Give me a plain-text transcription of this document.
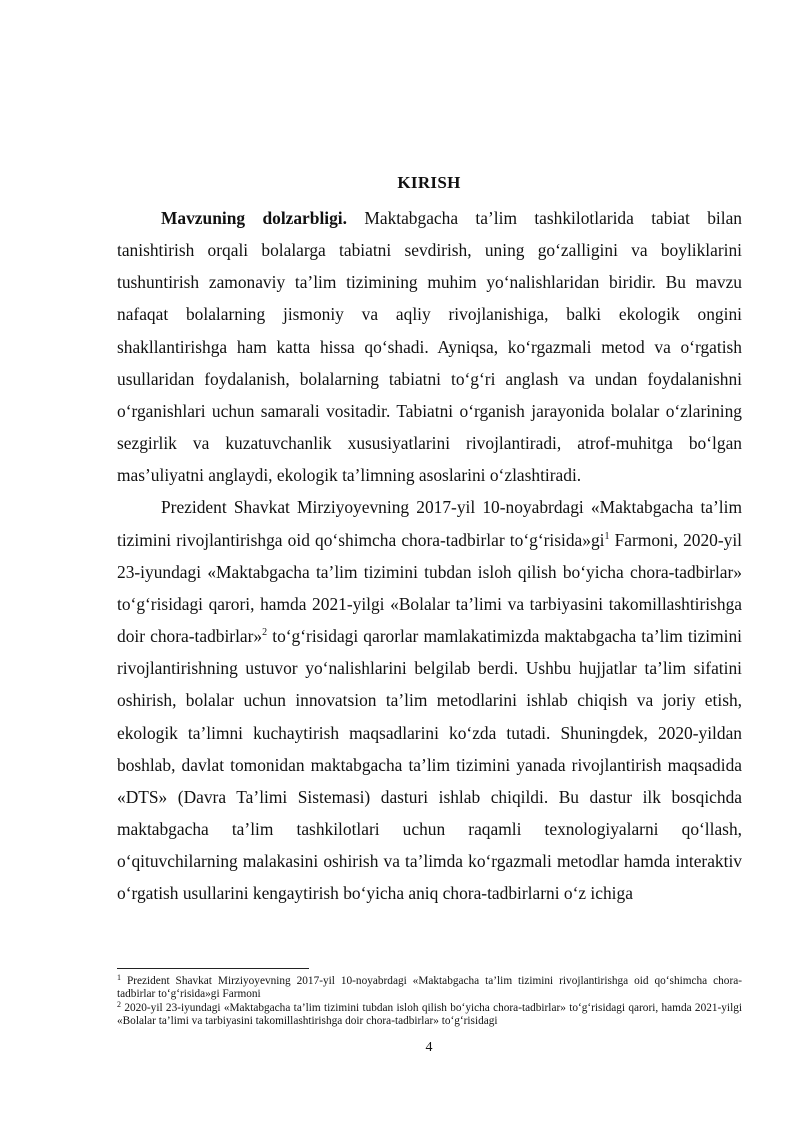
KIRISH

Mavzuning dolzarbligi. Maktabgacha ta’lim tashkilotlarida tabiat bilan tanishtirish orqali bolalarga tabiatni sevdirish, uning go‘zalligini va boyliklarini tushuntirish zamonaviy ta’lim tizimining muhim yo‘nalishlaridan biridir. Bu mavzu nafaqat bolalarning jismoniy va aqliy rivojlanishiga, balki ekologik ongini shakllantirishga ham katta hissa qo‘shadi. Ayniqsa, ko‘rgazmali metod va o‘rgatish usullaridan foydalanish, bolalarning tabiatni to‘g‘ri anglash va undan foydalanishni o‘rganishlari uchun samarali vositadir. Tabiatni o‘rganish jarayonida bolalar o‘zlarining sezgirlik va kuzatuvchanlik xususiyatlarini rivojlantiradi, atrof-muhitga bo‘lgan mas’uliyatni anglaydi, ekologik ta’limning asoslarini o‘zlashtiradi.

Prezident Shavkat Mirziyoyevning 2017-yil 10-noyabrdagi «Maktabgacha ta’lim tizimini rivojlantirishga oid qo‘shimcha chora-tadbirlar $to‘g‘risida»gi^1$ Farmoni, 2020-yil 23-iyundagi «Maktabgacha ta’lim tizimini tubdan isloh qilish bo‘yicha chora-tadbirlar» to‘g‘risidagi qarori, hamda 2021-yilgi «Bolalar ta’limi va tarbiyasini takomillashtirishga doir chora-tadbirlar»$^2$ to‘g‘risidagi qarorlar mamlakatimizda maktabgacha ta’lim tizimini rivojlantirishning ustuvor yo‘nalishlarini belgilab berdi. Ushbu hujjatlar ta’lim sifatini oshirish, bolalar uchun innovatsion ta’lim metodlarini ishlab chiqish va joriy etish, ekologik ta’limni kuchaytirish maqsadlarini ko‘zda tutadi. Shuningdek, 2020-yildan boshlab, davlat tomonidan maktabgacha ta’lim tizimini yanada rivojlantirish maqsadida «DTS» (Davra Ta’limi Sistemasi) dasturi ishlab chiqildi. Bu dastur ilk bosqichda maktabgacha ta’lim tashkilotlari uchun raqamli texnologiyalarni qo‘llash, o‘qituvchilarning malakasini oshirish va ta’limda ko‘rgazmali metodlar hamda interaktiv o‘rgatish usullarini kengaytirish bo‘yicha aniq chora-tadbirlarni o‘z ichiga

$^1$ Prezident Shavkat Mirziyoyevning 2017-yil 10-noyabrdagi «Maktabgacha ta’lim tizimini rivojlantirishga oid qo‘shimcha chora-tadbirlar to‘g‘risida»gi Farmoni

$^2$ 2020-yil 23-iyundagi «Maktabgacha ta’lim tizimini tubdan isloh qilish bo‘yicha chora-tadbirlar» to‘g‘risidagi qarori, hamda 2021-yilgi «Bolalar ta’limi va tarbiyasini takomillashtirishga doir chora-tadbirlar» to‘g‘risidagi

4
